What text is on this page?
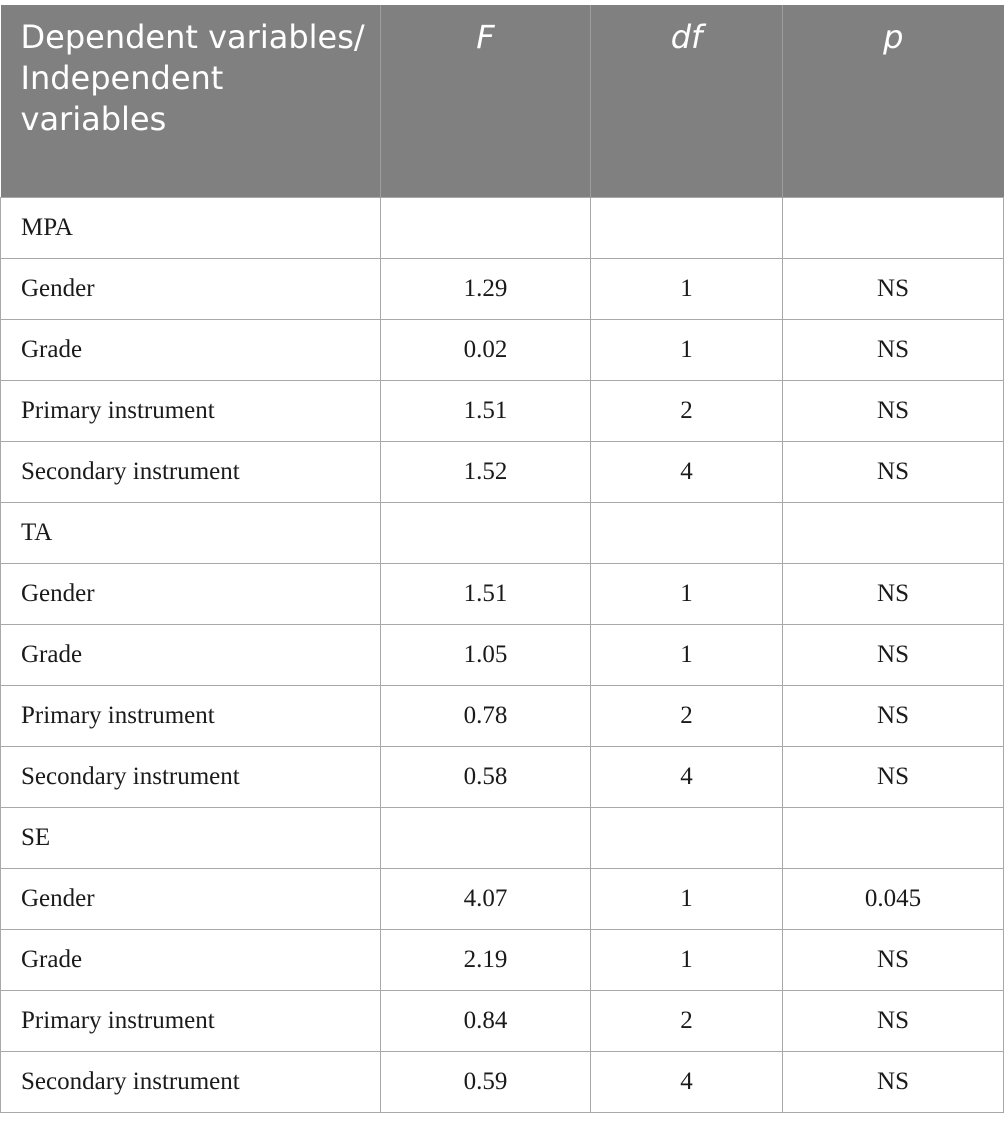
Dependent variables/ Independent variables	F	df	p
MPA			
Gender	1.29	1	NS
Grade	0.02	1	NS
Primary instrument	1.51	2	NS
Secondary instrument	1.52	4	NS
TA			
Gender	1.51	1	NS
Grade	1.05	1	NS
Primary instrument	0.78	2	NS
Secondary instrument	0.58	4	NS
SE			
Gender	4.07	1	0.045
Grade	2.19	1	NS
Primary instrument	0.84	2	NS
Secondary instrument	0.59	4	NS
